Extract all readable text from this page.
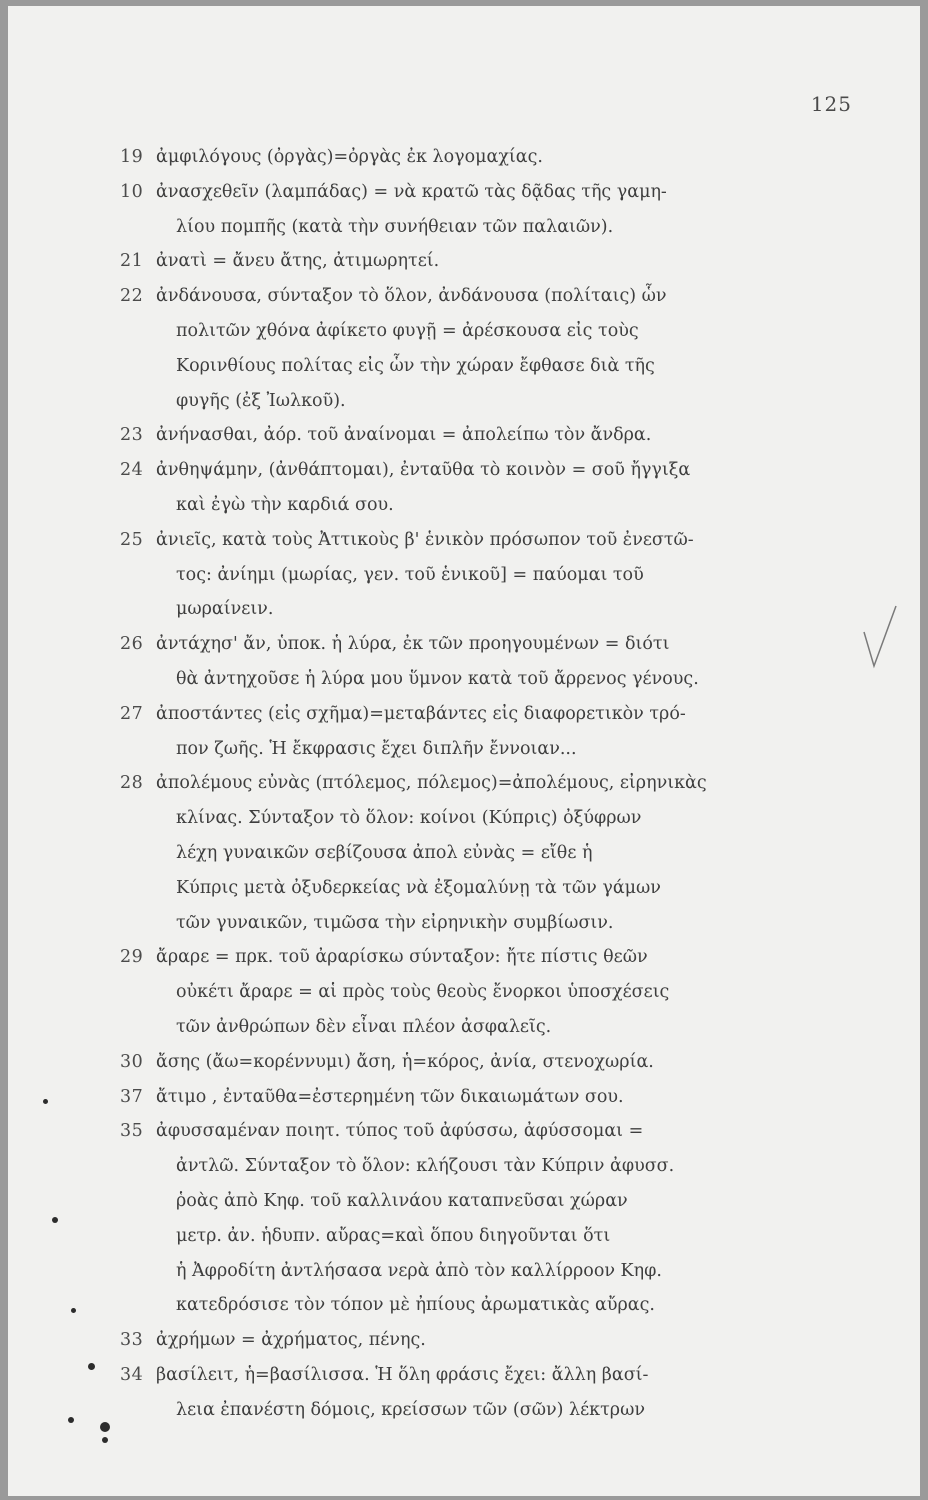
125
19 ἀμφιλόγους (ὀργὰς)=ὀργὰς ἐκ λογομαχίας.
10 ἀνασχεθεῖν (λαμπάδας) = νὰ κρατῶ τὰς δᾷδας τῆς γαμη-
λίου πομπῆς (κατὰ τὴν συνήθειαν τῶν παλαιῶν).
21 ἀνατὶ = ἄνευ ἄτης, ἀτιμωρητεί.
22 ἀνδάνουσα, σύνταξον τὸ ὅλον, ἀνδάνουσα (πολίταις) ὧν
πολιτῶν χθόνα ἀφίκετο φυγῇ = ἀρέσκουσα εἰς τοὺς
Κορινθίους πολίτας εἰς ὧν τὴν χώραν ἔφθασε διὰ τῆς
φυγῆς (ἐξ Ἰωλκοῦ).
23 ἀνήνασθαι, ἀόρ. τοῦ ἀναίνομαι = ἀπολείπω τὸν ἄνδρα.
24 ἀνθηψάμην, (ἀνθάπτομαι), ἐνταῦθα τὸ κοινὸν = σοῦ ἤγγιξα
καὶ ἐγὼ τὴν καρδιά σου.
25 ἀνιεῖς, κατὰ τοὺς Ἀττικοὺς β' ἑνικὸν πρόσωπον τοῦ ἐνεστῶ-
τος: ἀνίημι (μωρίας, γεν. τοῦ ἑνικοῦ] = παύομαι τοῦ
μωραίνειν.
26 ἀντάχησ' ἄν, ὑποκ. ἡ λύρα, ἐκ τῶν προηγουμένων = διότι
θὰ ἀντηχοῦσε ἡ λύρα μου ὕμνον κατὰ τοῦ ἄρρενος γένους.
27 ἀποστάντες (εἰς σχῆμα)=μεταβάντες εἰς διαφορετικὸν τρό-
πον ζωῆς. Ἡ ἔκφρασις ἔχει διπλῆν ἔννοιαν...
28 ἀπολέμους εὐνὰς (πτόλεμος, πόλεμος)=ἀπολέμους, εἰρηνικὰς
κλίνας. Σύνταξον τὸ ὅλον: κοίνοι (Κύπρις) ὀξύφρων
λέχη γυναικῶν σεβίζουσα ἀπολ εὐνὰς = εἴθε ἡ
Κύπρις μετὰ ὀξυδερκείας νὰ ἐξομαλύνῃ τὰ τῶν γάμων
τῶν γυναικῶν, τιμῶσα τὴν εἰρηνικὴν συμβίωσιν.
29 ἄραρε = πρκ. τοῦ ἀραρίσκω σύνταξον: ἤτε πίστις θεῶν
οὐκέτι ἄραρε = αἱ πρὸς τοὺς θεοὺς ἔνορκοι ὑποσχέσεις
τῶν ἀνθρώπων δὲν εἶναι πλέον ἀσφαλεῖς.
30 ἄσης (ἄω=κορέννυμι) ἄση, ἡ=κόρος, ἀνία, στενοχωρία.
37 ἄτιμο , ἐνταῦθα=ἐστερημένη τῶν δικαιωμάτων σου.
35 ἀφυσσαμέναν ποιητ. τύπος τοῦ ἀφύσσω, ἀφύσσομαι =
ἀντλῶ. Σύνταξον τὸ ὅλον: κλήζουσι τὰν Κύπριν ἀφυσσ.
ῥοὰς ἀπὸ Κηφ. τοῦ καλλινάου καταπνεῦσαι χώραν
μετρ. ἀν. ἡδυπν. αὔρας=καὶ ὅπου διηγοῦνται ὅτι
ἡ Ἀφροδίτη ἀντλήσασα νερὰ ἀπὸ τὸν καλλίρροον Κηφ.
κατεδρόσισε τὸν τόπον μὲ ἠπίους ἀρωματικὰς αὔρας.
33 ἀχρήμων = ἀχρήματος, πένης.
34 βασίλειτ, ἡ=βασίλισσα. Ἡ ὅλη φράσις ἔχει: ἄλλη βασί-
λεια ἐπανέστη δόμοις, κρείσσων τῶν (σῶν) λέκτρων
